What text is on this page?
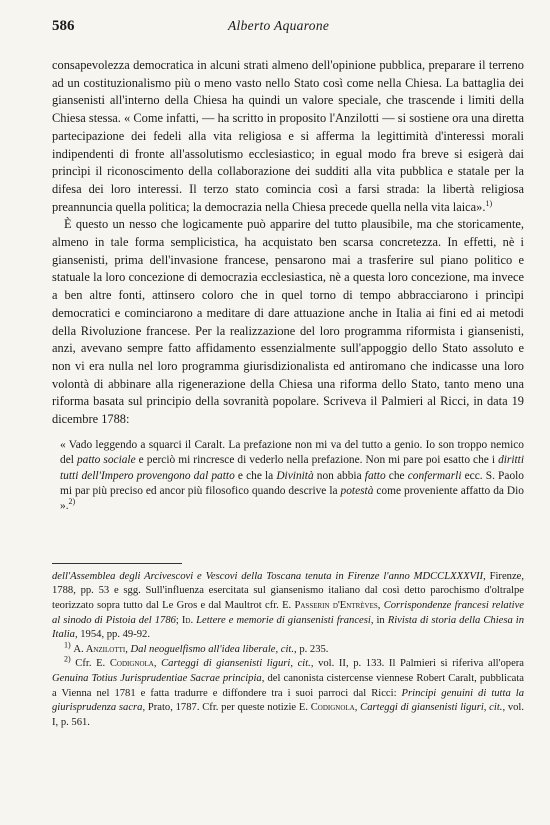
586	Alberto Aquarone

consapevolezza democratica in alcuni strati almeno dell'opinione pubblica, preparare il terreno ad un costituzionalismo più o meno vasto nello Stato così come nella Chiesa. La battaglia dei giansenisti all'interno della Chiesa ha quindi un valore speciale, che trascende i limiti della Chiesa stessa. « Come infatti, — ha scritto in proposito l'Anzilotti — si sostiene ora una diretta partecipazione dei fedeli alla vita religiosa e si afferma la legittimità d'interessi morali indipendenti di fronte all'assolutismo ecclesiastico; in egual modo fra breve si esigerà dai princìpi il riconoscimento della collaborazione dei sudditi alla vita pubblica e statale per la difesa dei loro interessi. Il terzo stato comincia così a farsi strada: la libertà religiosa preannuncia quella politica; la democrazia nella Chiesa precede quella nella vita laica».$^{1)}$

È questo un nesso che logicamente può apparire del tutto plausibile, ma che storicamente, almeno in tale forma semplicistica, ha acquistato ben scarsa concretezza. In effetti, nè i giansenisti, prima dell'invasione francese, pensarono mai a trasferire sul piano politico e statuale la loro concezione di democrazia ecclesiastica, nè a questa loro concezione, ma invece a ben altre fonti, attinsero coloro che in quel torno di tempo abbracciarono i princìpi democratici e cominciarono a meditare di dare attuazione anche in Italia ai fini ed ai metodi della Rivoluzione francese. Per la realizzazione del loro programma riformista i giansenisti, anzi, avevano sempre fatto affidamento essenzialmente sull'appoggio dello Stato assoluto e non vi era nulla nel loro programma giurisdizionalista ed antiromano che indicasse una loro volontà di abbinare alla rigenerazione della Chiesa una riforma dello Stato, tanto meno una riforma basata sul principio della sovranità popolare. Scriveva il Palmieri al Ricci, in data 19 dicembre 1788:

« Vado leggendo a squarci il Caralt. La prefazione non mi va del tutto a genio. Io son troppo nemico del patto sociale e perciò mi rincresce di vederlo nella prefazione. Non mi pare poi esatto che i diritti tutti dell'Impero provengono dal patto e che la Divinità non abbia fatto che confermarli ecc. S. Paolo mi par più preciso ed ancor più filosofico quando descrive la potestà come proveniente affatto da Dio ».$^{2)}$

dell'Assemblea degli Arcivescovi e Vescovi della Toscana tenuta in Firenze l'anno MDCCLXXXVII, Firenze, 1788, pp. 53 e sgg. Sull'influenza esercitata sul giansenismo italiano dal così detto parochismo d'oltralpe teorizzato sopra tutto dal Le Gros e dal Maultrot cfr. E. Passerin d'Entrèves, Corrispondenze francesi relative al sinodo di Pistoia del 1786; Id. Lettere e memorie di giansenisti francesi, in Rivista di storia della Chiesa in Italia, 1954, pp. 49-92.

$^{1)}$ A. Anzilotti, Dal neoguelfismo all'idea liberale, cit., p. 235.

$^{2)}$ Cfr. E. Codignola, Carteggi di giansenisti liguri, cit., vol. II, p. 133. Il Palmieri si riferiva all'opera Genuina Totius Jurisprudentiae Sacrae principia, del canonista cistercense viennese Robert Caralt, pubblicata a Vienna nel 1781 e fatta tradurre e diffondere tra i suoi parroci dal Ricci: Principi genuini di tutta la giurisprudenza sacra, Prato, 1787. Cfr. per queste notizie E. Codignola, Carteggi di giansenisti liguri, cit., vol. I, p. 561.
